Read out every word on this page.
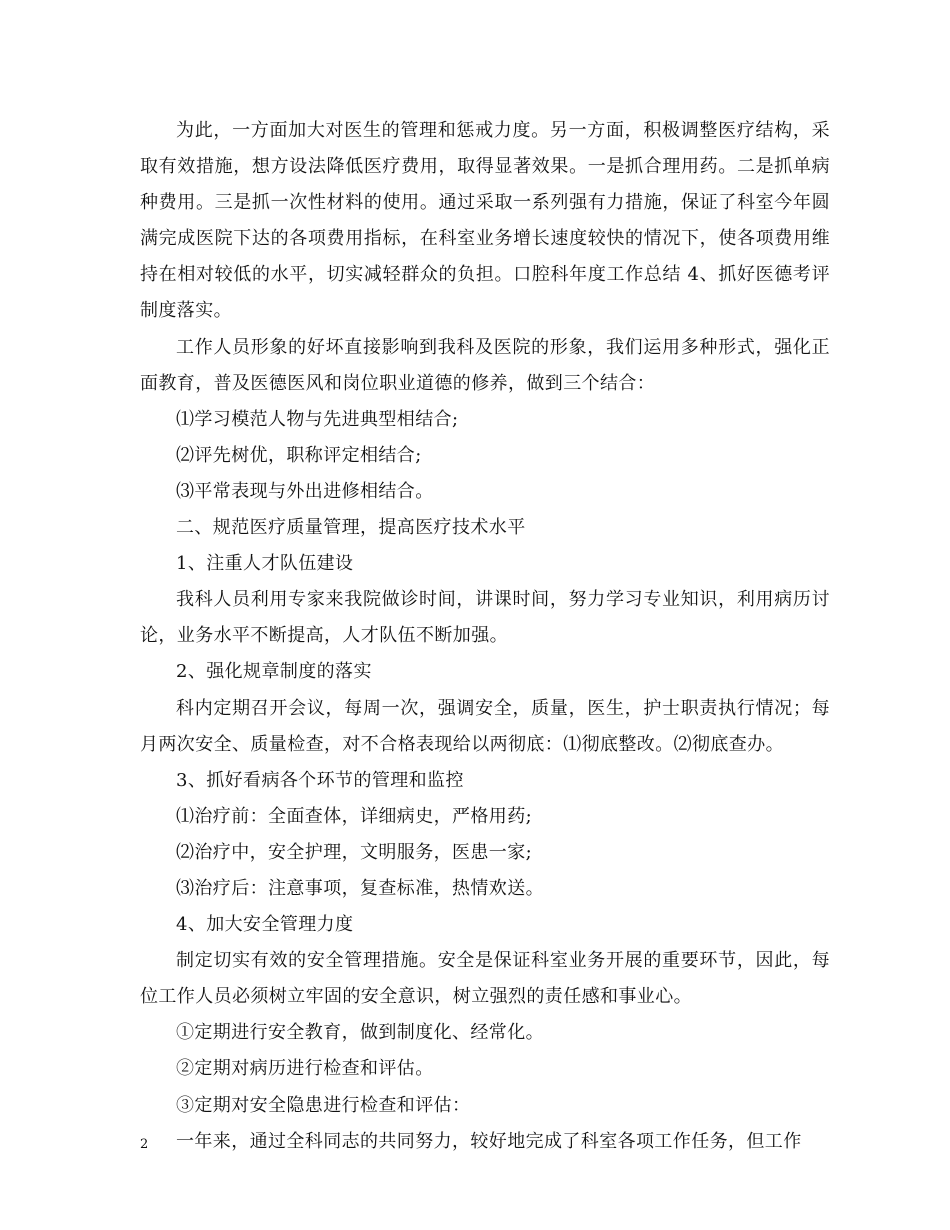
为此，一方面加大对医生的管理和惩戒力度。另一方面，积极调整医疗结构，采取有效措施，想方设法降低医疗费用，取得显著效果。一是抓合理用药。二是抓单病种费用。三是抓一次性材料的使用。通过采取一系列强有力措施，保证了科室今年圆满完成医院下达的各项费用指标，在科室业务增长速度较快的情况下，使各项费用维持在相对较低的水平，切实减轻群众的负担。口腔科年度工作总结 4、抓好医德考评制度落实。

工作人员形象的好坏直接影响到我科及医院的形象，我们运用多种形式，强化正面教育，普及医德医风和岗位职业道德的修养，做到三个结合：

⑴学习模范人物与先进典型相结合;

⑵评先树优，职称评定相结合;

⑶平常表现与外出进修相结合。

二、规范医疗质量管理，提高医疗技术水平

1、注重人才队伍建设

我科人员利用专家来我院做诊时间，讲课时间，努力学习专业知识，利用病历讨论，业务水平不断提高，人才队伍不断加强。

2、强化规章制度的落实

科内定期召开会议，每周一次，强调安全，质量，医生，护士职责执行情况；每月两次安全、质量检查，对不合格表现给以两彻底：⑴彻底整改。⑵彻底查办。

3、抓好看病各个环节的管理和监控

⑴治疗前：全面查体，详细病史，严格用药;

⑵治疗中，安全护理，文明服务，医患一家;

⑶治疗后：注意事项，复查标准，热情欢送。

4、加大安全管理力度

制定切实有效的安全管理措施。安全是保证科室业务开展的重要环节，因此，每位工作人员必须树立牢固的安全意识，树立强烈的责任感和事业心。

①定期进行安全教育，做到制度化、经常化。

②定期对病历进行检查和评估。

③定期对安全隐患进行检查和评估：

一年来，通过全科同志的共同努力，较好地完成了科室各项工作任务，但工作

2
